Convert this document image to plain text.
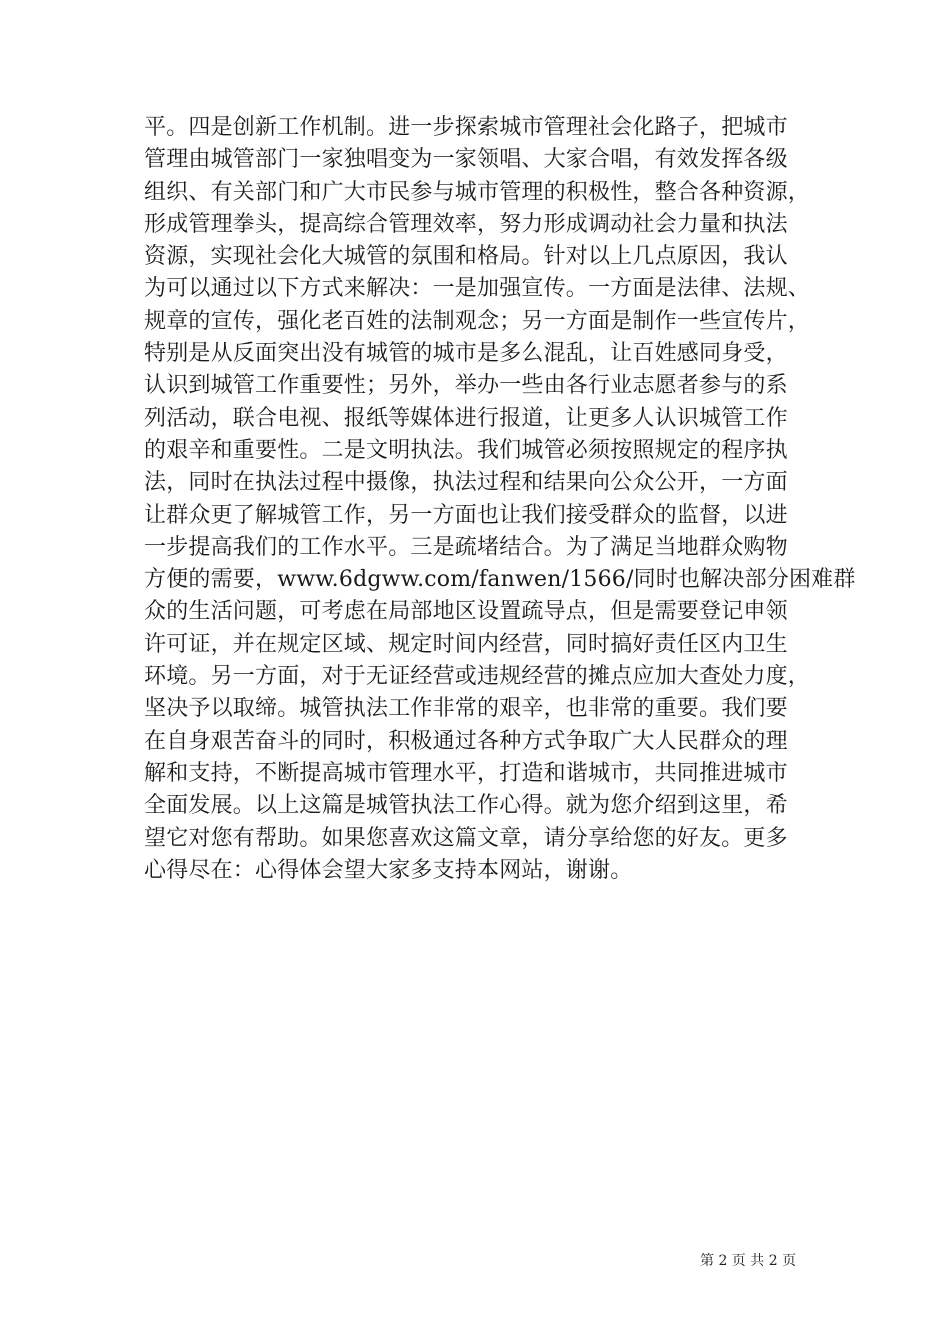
平。四是创新工作机制。进一步探索城市管理社会化路子，把城市
管理由城管部门一家独唱变为一家领唱、大家合唱，有效发挥各级
组织、有关部门和广大市民参与城市管理的积极性，整合各种资源，
形成管理拳头，提高综合管理效率，努力形成调动社会力量和执法
资源，实现社会化大城管的氛围和格局。针对以上几点原因，我认
为可以通过以下方式来解决：一是加强宣传。一方面是法律、法规、
规章的宣传，强化老百姓的法制观念；另一方面是制作一些宣传片，
特别是从反面突出没有城管的城市是多么混乱，让百姓感同身受，
认识到城管工作重要性；另外，举办一些由各行业志愿者参与的系
列活动，联合电视、报纸等媒体进行报道，让更多人认识城管工作
的艰辛和重要性。二是文明执法。我们城管必须按照规定的程序执
法，同时在执法过程中摄像，执法过程和结果向公众公开，一方面
让群众更了解城管工作，另一方面也让我们接受群众的监督，以进
一步提高我们的工作水平。三是疏堵结合。为了满足当地群众购物
方便的需要，www.6dgww.com/fanwen/1566/同时也解决部分困难群
众的生活问题，可考虑在局部地区设置疏导点，但是需要登记申领
许可证，并在规定区域、规定时间内经营，同时搞好责任区内卫生
环境。另一方面，对于无证经营或违规经营的摊点应加大查处力度，
坚决予以取缔。城管执法工作非常的艰辛，也非常的重要。我们要
在自身艰苦奋斗的同时，积极通过各种方式争取广大人民群众的理
解和支持，不断提高城市管理水平，打造和谐城市，共同推进城市
全面发展。以上这篇是城管执法工作心得。就为您介绍到这里，希
望它对您有帮助。如果您喜欢这篇文章，请分享给您的好友。更多
心得尽在：心得体会望大家多支持本网站，谢谢。
第 2 页 共 2 页
